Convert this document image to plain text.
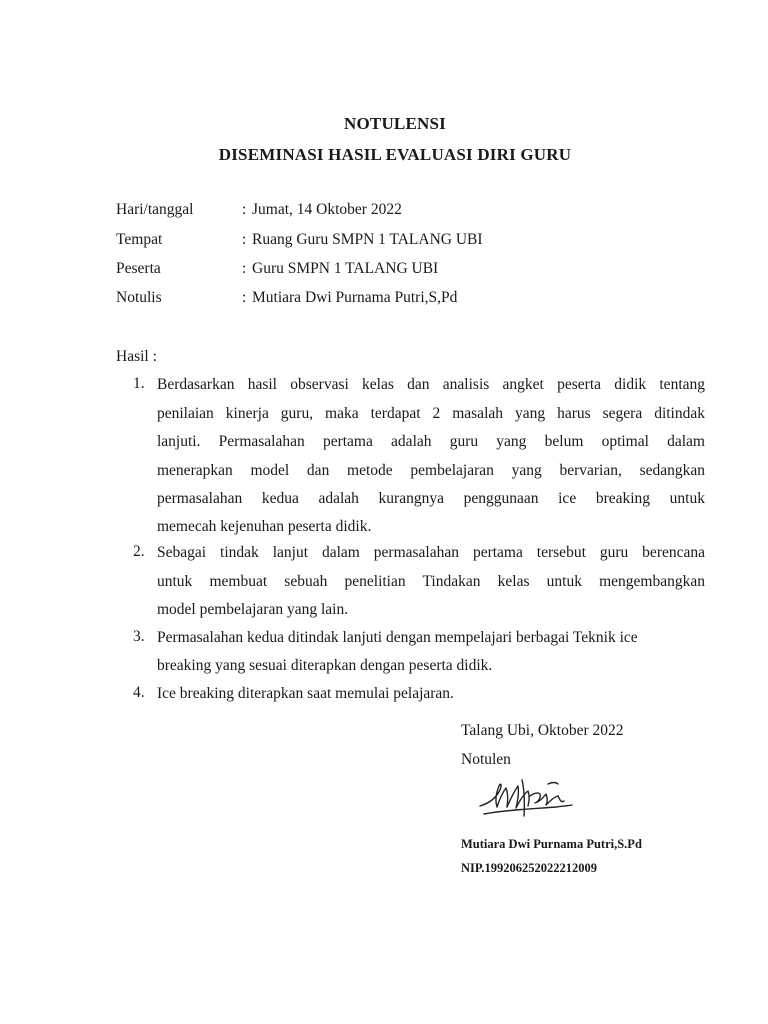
NOTULENSI
DISEMINASI HASIL EVALUASI DIRI GURU
Hari/tanggal	: Jumat, 14 Oktober 2022
Tempat	: Ruang Guru SMPN 1 TALANG UBI
Peserta	: Guru SMPN 1 TALANG UBI
Notulis	: Mutiara Dwi Purnama Putri,S,Pd
Hasil :
1. Berdasarkan hasil observasi kelas dan analisis angket peserta didik tentang
penilaian kinerja guru, maka terdapat 2 masalah yang harus segera ditindak
lanjuti. Permasalahan pertama adalah guru yang belum optimal dalam
menerapkan model dan metode pembelajaran yang bervarian, sedangkan
permasalahan kedua adalah kurangnya penggunaan ice breaking untuk
memecah kejenuhan peserta didik.
2. Sebagai tindak lanjut dalam permasalahan pertama tersebut guru berencana
untuk membuat sebuah penelitian Tindakan kelas untuk mengembangkan
model pembelajaran yang lain.
3. Permasalahan kedua ditindak lanjuti dengan mempelajari berbagai Teknik ice
breaking yang sesuai diterapkan dengan peserta didik.
4. Ice breaking diterapkan saat memulai pelajaran.
Talang Ubi, Oktober 2022
Notulen
Mutiara Dwi Purnama Putri,S.Pd
NIP.199206252022212009
